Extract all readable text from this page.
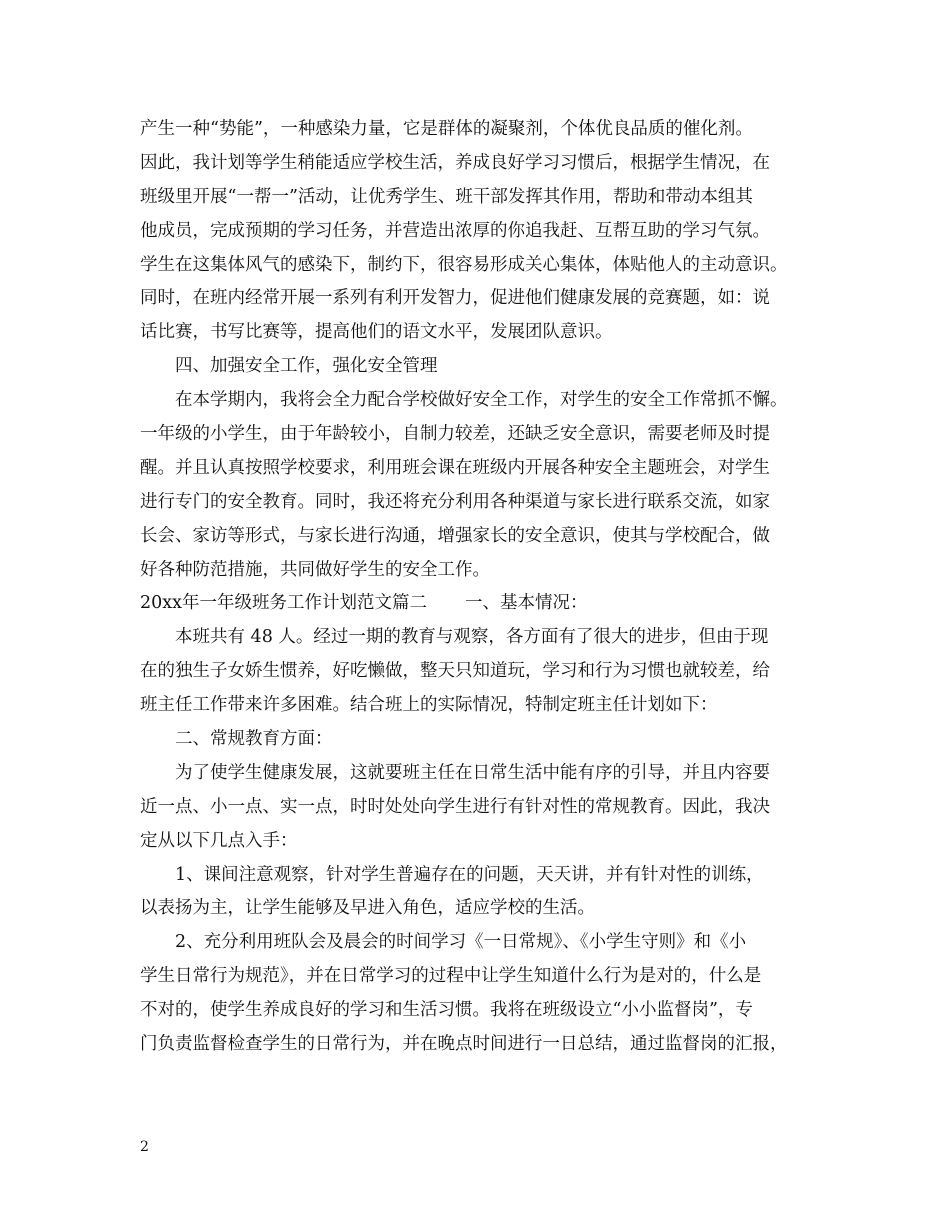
产生一种“势能”，一种感染力量，它是群体的凝聚剂，个体优良品质的催化剂。
因此，我计划等学生稍能适应学校生活，养成良好学习习惯后，根据学生情况，在
班级里开展“一帮一”活动，让优秀学生、班干部发挥其作用，帮助和带动本组其
他成员，完成预期的学习任务，并营造出浓厚的你追我赶、互帮互助的学习气氛。
学生在这集体风气的感染下，制约下，很容易形成关心集体，体贴他人的主动意识。
同时，在班内经常开展一系列有利开发智力，促进他们健康发展的竞赛题，如：说
话比赛，书写比赛等，提高他们的语文水平，发展团队意识。
四、加强安全工作，强化安全管理
在本学期内，我将会全力配合学校做好安全工作，对学生的安全工作常抓不懈。
一年级的小学生，由于年龄较小，自制力较差，还缺乏安全意识，需要老师及时提
醒。并且认真按照学校要求，利用班会课在班级内开展各种安全主题班会，对学生
进行专门的安全教育。同时，我还将充分利用各种渠道与家长进行联系交流，如家
长会、家访等形式，与家长进行沟通，增强家长的安全意识，使其与学校配合，做
好各种防范措施，共同做好学生的安全工作。
20xx年一年级班务工作计划范文篇二 一、基本情况：
本班共有 48 人。经过一期的教育与观察，各方面有了很大的进步，但由于现
在的独生子女娇生惯养，好吃懒做，整天只知道玩，学习和行为习惯也就较差，给
班主任工作带来许多困难。结合班上的实际情况，特制定班主任计划如下：
二、常规教育方面：
为了使学生健康发展，这就要班主任在日常生活中能有序的引导，并且内容要
近一点、小一点、实一点，时时处处向学生进行有针对性的常规教育。因此，我决
定从以下几点入手：
1、课间注意观察，针对学生普遍存在的问题，天天讲，并有针对性的训练，
以表扬为主，让学生能够及早进入角色，适应学校的生活。
2、充分利用班队会及晨会的时间学习《一日常规》、《小学生守则》和《小
学生日常行为规范》，并在日常学习的过程中让学生知道什么行为是对的，什么是
不对的，使学生养成良好的学习和生活习惯。我将在班级设立“小小监督岗”，专
门负责监督检查学生的日常行为，并在晚点时间进行一日总结，通过监督岗的汇报，
2
